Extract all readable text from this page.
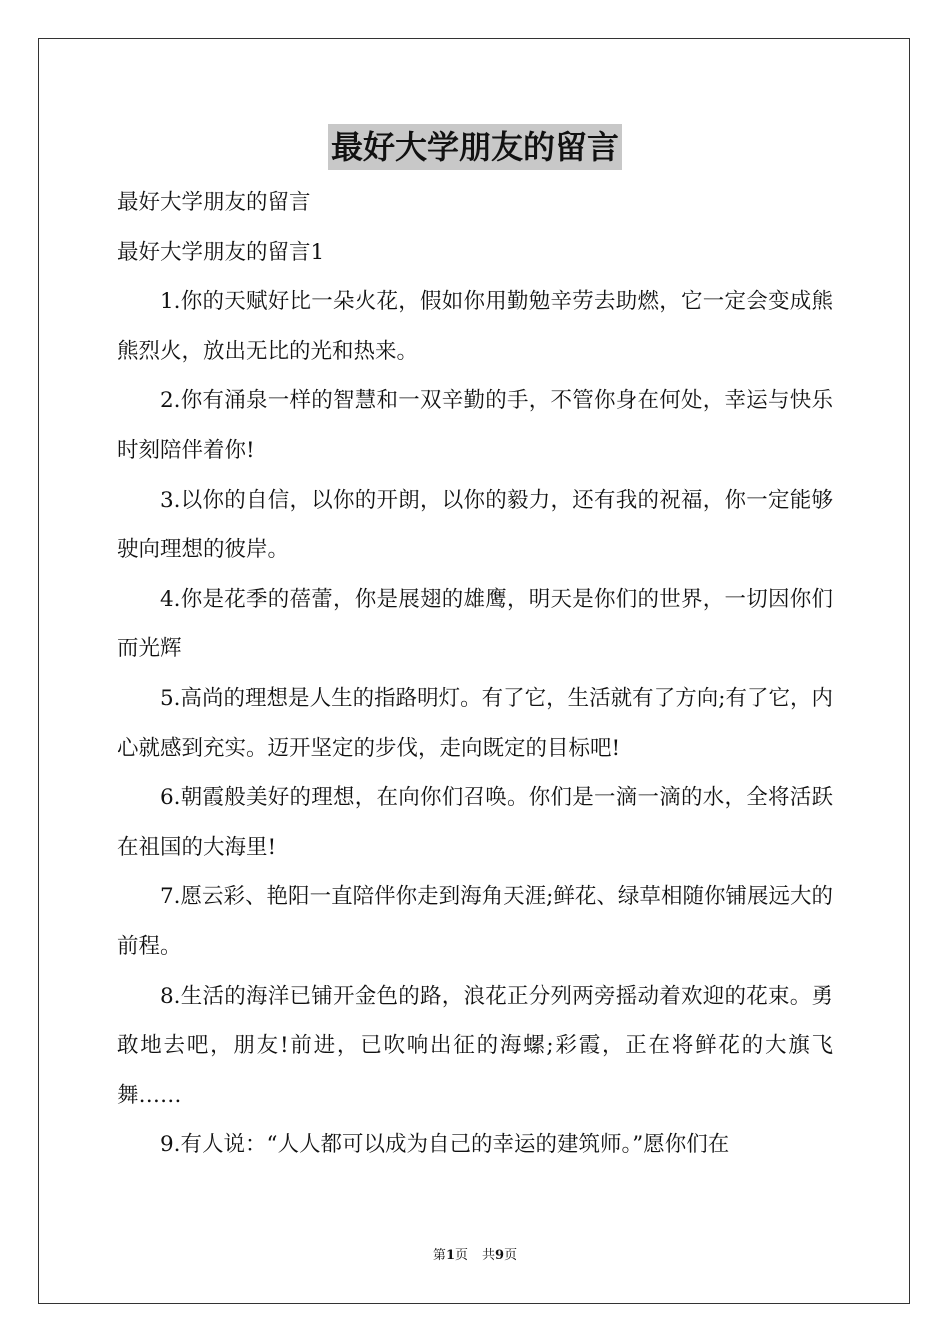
最好大学朋友的留言

最好大学朋友的留言

最好大学朋友的留言1

1.你的天赋好比一朵火花，假如你用勤勉辛劳去助燃，它一定会变成熊熊烈火，放出无比的光和热来。

2.你有涌泉一样的智慧和一双辛勤的手，不管你身在何处，幸运与快乐时刻陪伴着你!

3.以你的自信，以你的开朗，以你的毅力，还有我的祝福，你一定能够驶向理想的彼岸。

4.你是花季的蓓蕾，你是展翅的雄鹰，明天是你们的世界，一切因你们而光辉

5.高尚的理想是人生的指路明灯。有了它，生活就有了方向;有了它，内心就感到充实。迈开坚定的步伐，走向既定的目标吧!

6.朝霞般美好的理想，在向你们召唤。你们是一滴一滴的水，全将活跃在祖国的大海里!

7.愿云彩、艳阳一直陪伴你走到海角天涯;鲜花、绿草相随你铺展远大的前程。

8.生活的海洋已铺开金色的路，浪花正分列两旁摇动着欢迎的花束。勇敢地去吧，朋友!前进，已吹响出征的海螺;彩霞，正在将鲜花的大旗飞舞……

9.有人说：“人人都可以成为自己的幸运的建筑师。”愿你们在

第1页 共9页
